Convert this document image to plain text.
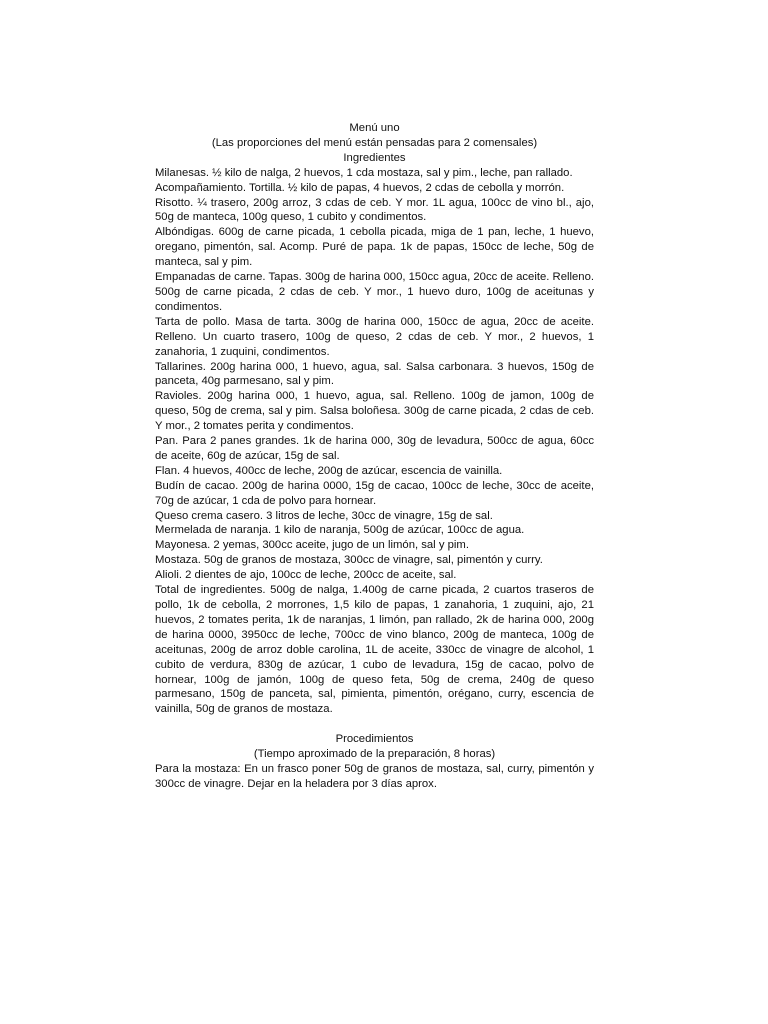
Menú uno
(Las proporciones del menú están pensadas para 2 comensales)
Ingredientes
Milanesas. ½ kilo de nalga, 2 huevos, 1 cda mostaza, sal y pim., leche, pan rallado.
Acompañamiento. Tortilla. ½ kilo de papas, 4 huevos, 2 cdas de cebolla y morrón.
Risotto. ¼ trasero, 200g arroz, 3 cdas de ceb. Y mor. 1L agua, 100cc de vino bl., ajo, 50g de manteca, 100g queso, 1 cubito y condimentos.
Albóndigas. 600g de carne picada, 1 cebolla picada, miga de 1 pan, leche, 1 huevo, oregano, pimentón, sal. Acomp. Puré de papa. 1k de papas, 150cc de leche, 50g de manteca, sal y pim.
Empanadas de carne. Tapas. 300g de harina 000, 150cc agua, 20cc de aceite. Relleno. 500g de carne picada, 2 cdas de ceb. Y mor., 1 huevo duro, 100g de aceitunas y condimentos.
Tarta de pollo. Masa de tarta. 300g de harina 000, 150cc de agua, 20cc de aceite. Relleno. Un cuarto trasero, 100g de queso, 2 cdas de ceb. Y mor., 2 huevos, 1 zanahoria, 1 zuquini, condimentos.
Tallarines. 200g harina 000, 1 huevo, agua, sal. Salsa carbonara. 3 huevos, 150g de panceta, 40g parmesano, sal y pim.
Ravioles. 200g harina 000, 1 huevo, agua, sal. Relleno. 100g de jamon, 100g de queso, 50g de crema, sal y pim. Salsa boloñesa. 300g de carne picada, 2 cdas de ceb. Y mor., 2 tomates perita y condimentos.
Pan. Para 2 panes grandes. 1k de harina 000, 30g de levadura, 500cc de agua, 60cc de aceite, 60g de azúcar, 15g de sal.
Flan. 4 huevos, 400cc de leche, 200g de azúcar, escencia de vainilla.
Budín de cacao. 200g de harina 0000, 15g de cacao, 100cc de leche, 30cc de aceite, 70g de azúcar, 1 cda de polvo para hornear.
Queso crema casero. 3 litros de leche, 30cc de vinagre, 15g de sal.
Mermelada de naranja. 1 kilo de naranja, 500g de azúcar, 100cc de agua.
Mayonesa. 2 yemas, 300cc aceite, jugo de un limón, sal y pim.
Mostaza. 50g de granos de mostaza, 300cc de vinagre, sal, pimentón y curry.
Alioli. 2 dientes de ajo, 100cc de leche, 200cc de aceite, sal.
Total de ingredientes. 500g de nalga, 1.400g de carne picada, 2 cuartos traseros de pollo, 1k de cebolla, 2 morrones, 1,5 kilo de papas, 1 zanahoria, 1 zuquini, ajo, 21 huevos, 2 tomates perita, 1k de naranjas, 1 limón, pan rallado, 2k de harina 000, 200g de harina 0000, 3950cc de leche, 700cc de vino blanco, 200g de manteca, 100g de aceitunas, 200g de arroz doble carolina, 1L de aceite, 330cc de vinagre de alcohol, 1 cubito de verdura, 830g de azúcar, 1 cubo de levadura, 15g de cacao, polvo de hornear, 100g de jamón, 100g de queso feta, 50g de crema, 240g de queso parmesano, 150g de panceta, sal, pimienta, pimentón, orégano, curry, escencia de vainilla, 50g de granos de mostaza.
Procedimientos
(Tiempo aproximado de la preparación, 8 horas)
Para la mostaza: En un frasco poner 50g de granos de mostaza, sal, curry, pimentón y 300cc de vinagre. Dejar en la heladera por 3 días aprox.
